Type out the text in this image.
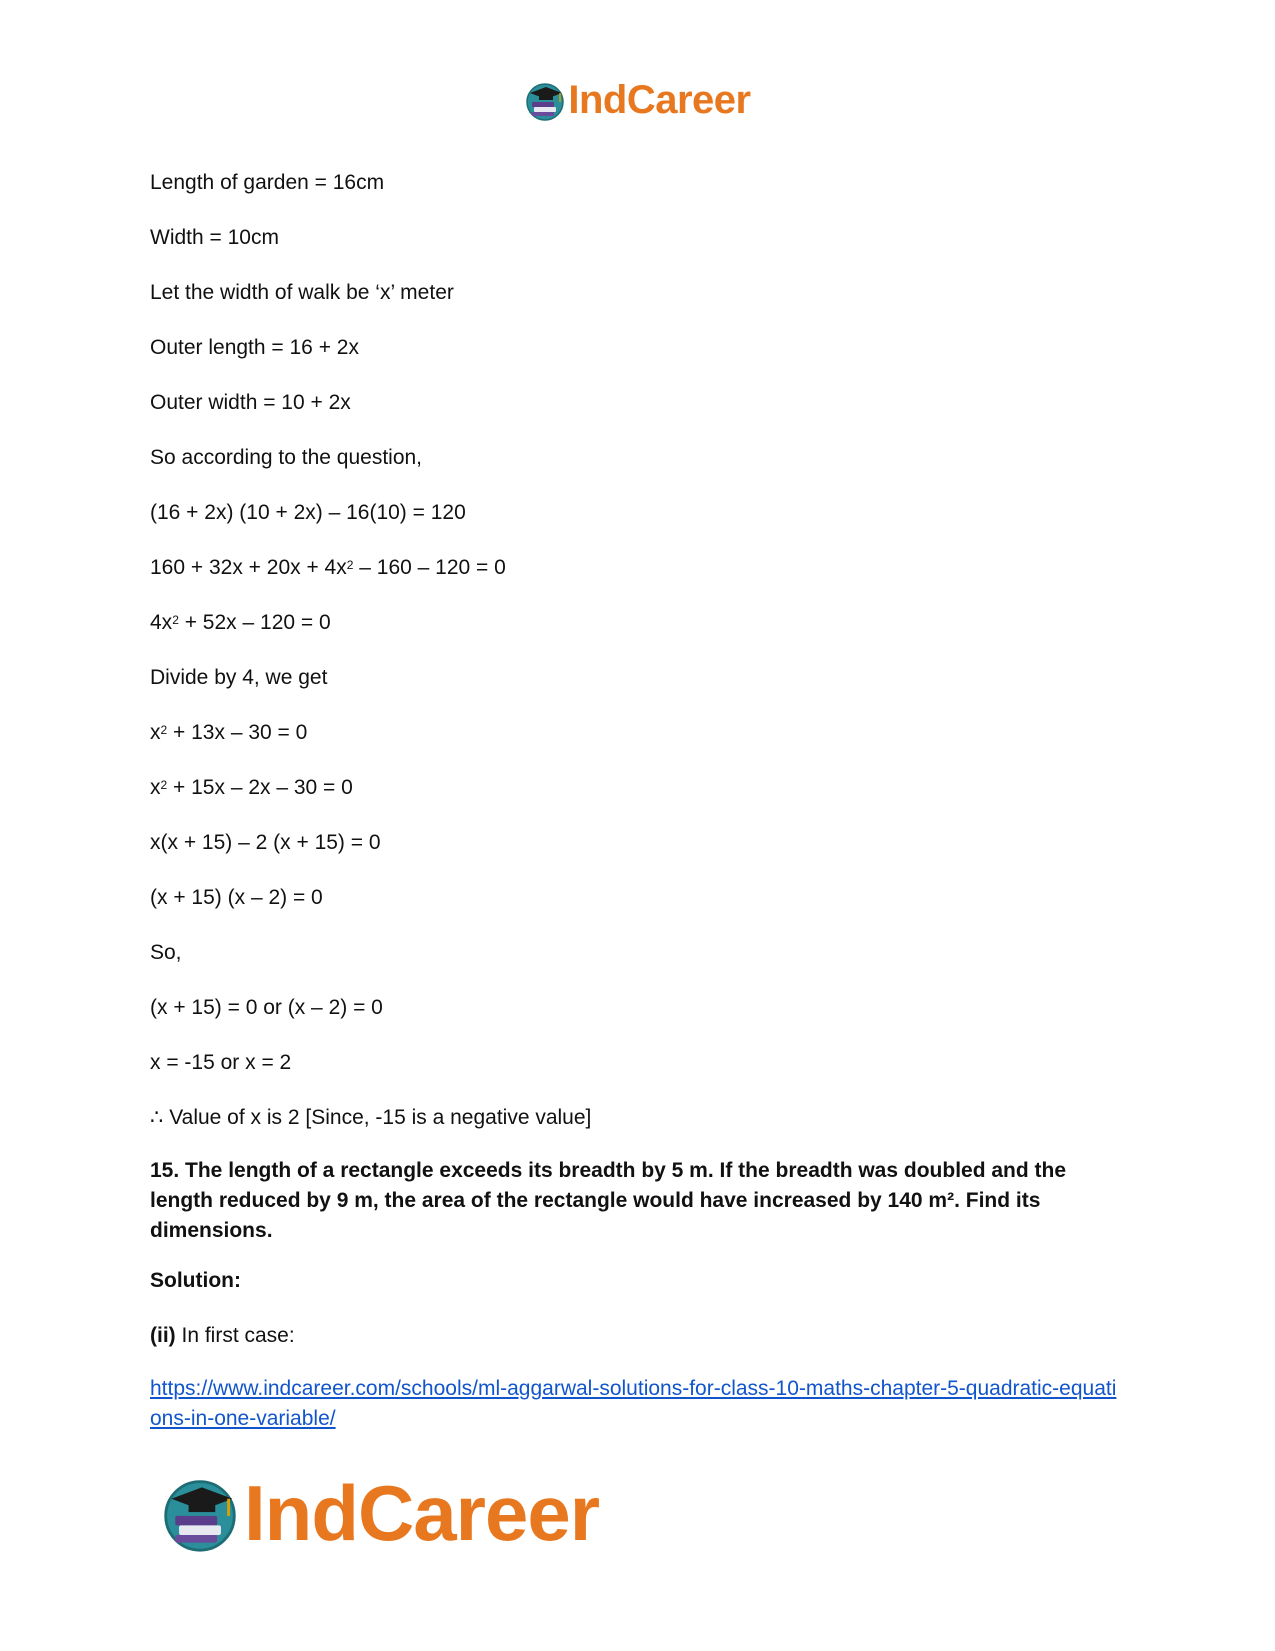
IndCareer
Length of garden = 16cm
Width = 10cm
Let the width of walk be ‘x’ meter
Outer length = 16 + 2x
Outer width = 10 + 2x
So according to the question,
(16 + 2x) (10 + 2x) – 16(10) = 120
$160 + 32x + 20x + 4x^2 - 160 - 120 = 0$
$4x^2 + 52x - 120 = 0$
Divide by 4, we get
$x^2 + 13x - 30 = 0$
$x^2 + 15x - 2x - 30 = 0$
x(x + 15) – 2 (x + 15) = 0
(x + 15) (x – 2) = 0
So,
(x + 15) = 0 or (x – 2) = 0
x = -15 or x = 2
∴ Value of x is 2 [Since, -15 is a negative value]
15. The length of a rectangle exceeds its breadth by 5 m. If the breadth was doubled and the length reduced by 9 m, the area of the rectangle would have increased by 140 m². Find its dimensions.
Solution:
(ii) In first case:
https://www.indcareer.com/schools/ml-aggarwal-solutions-for-class-10-maths-chapter-5-quadratic-equations-in-one-variable/
IndCareer
